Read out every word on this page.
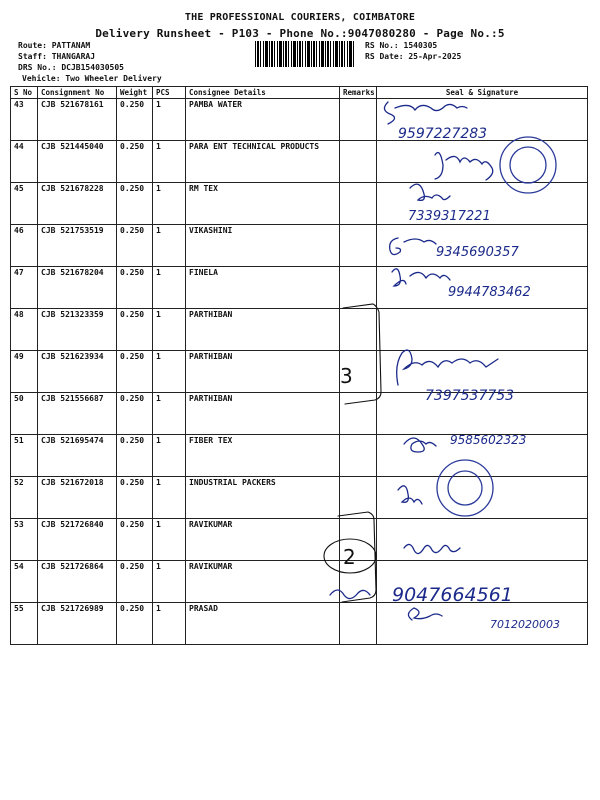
THE PROFESSIONAL COURIERS, COIMBATORE
Delivery Runsheet - P103 - Phone No.:9047080280 - Page No.:5
Route: PATTANAM
Staff: THANGARAJ
DRS No.: DCJB154030505
Vehicle: Two Wheeler Delivery
RS No.: 1540305
RS Date: 25-Apr-2025
S No	Consignment No	Weight	PCS	Consignee Details	Remarks	Seal & Signature
43	CJB 521678161	0.250	1	PAMBA WATER		
44	CJB 521445040	0.250	1	PARA ENT TECHNICAL PRODUCTS		
45	CJB 521678228	0.250	1	RM TEX		
46	CJB 521753519	0.250	1	VIKASHINI		
47	CJB 521678204	0.250	1	FINELA		
48	CJB 521323359	0.250	1	PARTHIBAN		
49	CJB 521623934	0.250	1	PARTHIBAN		
50	CJB 521556687	0.250	1	PARTHIBAN		
51	CJB 521695474	0.250	1	FIBER TEX		
52	CJB 521672018	0.250	1	INDUSTRIAL PACKERS		
53	CJB 521726840	0.250	1	RAVIKUMAR		
54	CJB 521726864	0.250	1	RAVIKUMAR		
55	CJB 521726989	0.250	1	PRASAD		
9597227283
7339317221
9345690357
9944783462
7397537753
9585602323
9047664561
7012020003
3
2
